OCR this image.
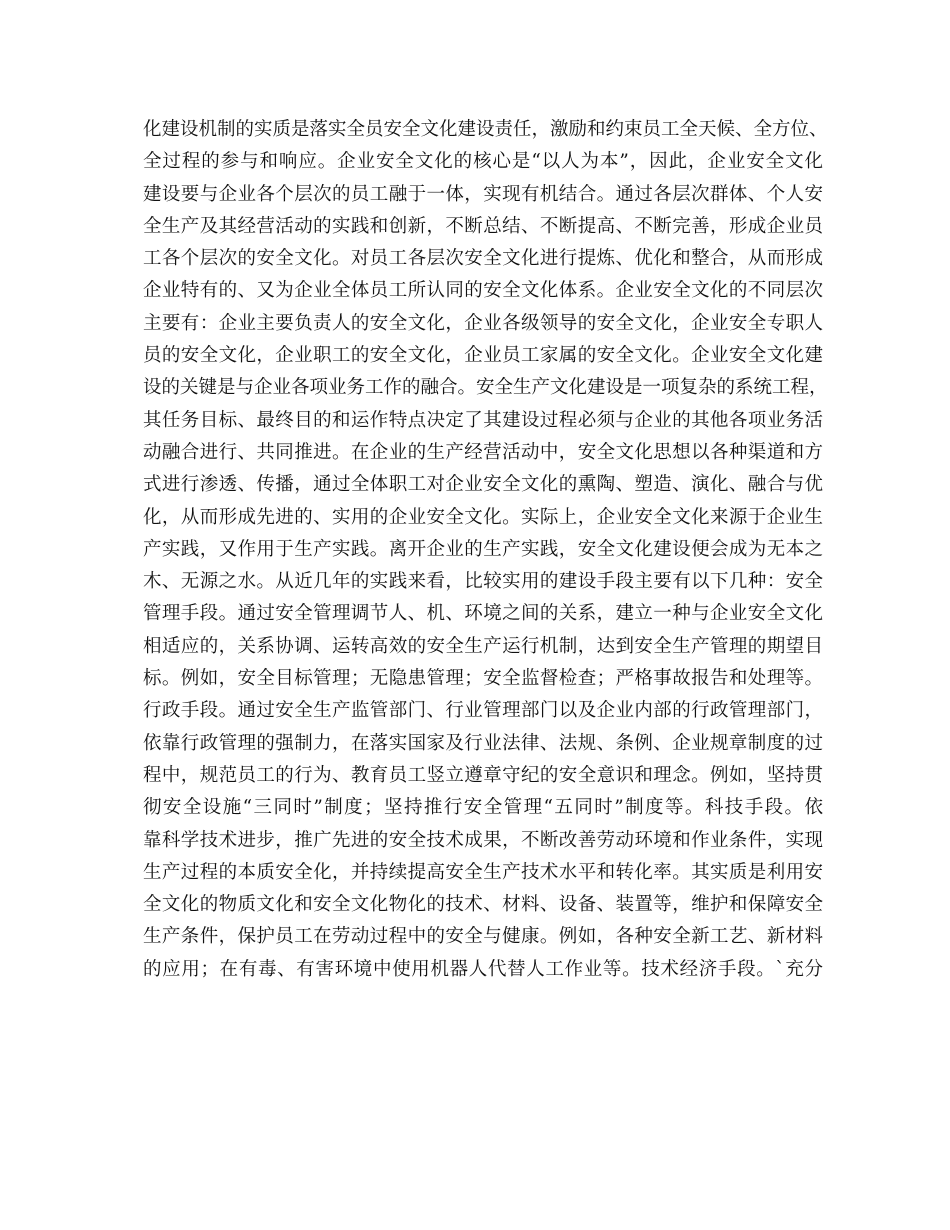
化建设机制的实质是落实全员安全文化建设责任，激励和约束员工全天候、全方位、
全过程的参与和响应。企业安全文化的核心是“以人为本”，因此，企业安全文化
建设要与企业各个层次的员工融于一体，实现有机结合。通过各层次群体、个人安
全生产及其经营活动的实践和创新，不断总结、不断提高、不断完善，形成企业员
工各个层次的安全文化。对员工各层次安全文化进行提炼、优化和整合，从而形成
企业特有的、又为企业全体员工所认同的安全文化体系。企业安全文化的不同层次
主要有：企业主要负责人的安全文化，企业各级领导的安全文化，企业安全专职人
员的安全文化，企业职工的安全文化，企业员工家属的安全文化。企业安全文化建
设的关键是与企业各项业务工作的融合。安全生产文化建设是一项复杂的系统工程，
其任务目标、最终目的和运作特点决定了其建设过程必须与企业的其他各项业务活
动融合进行、共同推进。在企业的生产经营活动中，安全文化思想以各种渠道和方
式进行渗透、传播，通过全体职工对企业安全文化的熏陶、塑造、演化、融合与优
化，从而形成先进的、实用的企业安全文化。实际上，企业安全文化来源于企业生
产实践，又作用于生产实践。离开企业的生产实践，安全文化建设便会成为无本之
木、无源之水。从近几年的实践来看，比较实用的建设手段主要有以下几种：安全
管理手段。通过安全管理调节人、机、环境之间的关系，建立一种与企业安全文化
相适应的，关系协调、运转高效的安全生产运行机制，达到安全生产管理的期望目
标。例如，安全目标管理；无隐患管理；安全监督检查；严格事故报告和处理等。
行政手段。通过安全生产监管部门、行业管理部门以及企业内部的行政管理部门，
依靠行政管理的强制力，在落实国家及行业法律、法规、条例、企业规章制度的过
程中，规范员工的行为、教育员工竖立遵章守纪的安全意识和理念。例如，坚持贯
彻安全设施“三同时”制度；坚持推行安全管理“五同时”制度等。科技手段。依
靠科学技术进步，推广先进的安全技术成果，不断改善劳动环境和作业条件，实现
生产过程的本质安全化，并持续提高安全生产技术水平和转化率。其实质是利用安
全文化的物质文化和安全文化物化的技术、材料、设备、装置等，维护和保障安全
生产条件，保护员工在劳动过程中的安全与健康。例如，各种安全新工艺、新材料
的应用；在有毒、有害环境中使用机器人代替人工作业等。技术经济手段。`充分
